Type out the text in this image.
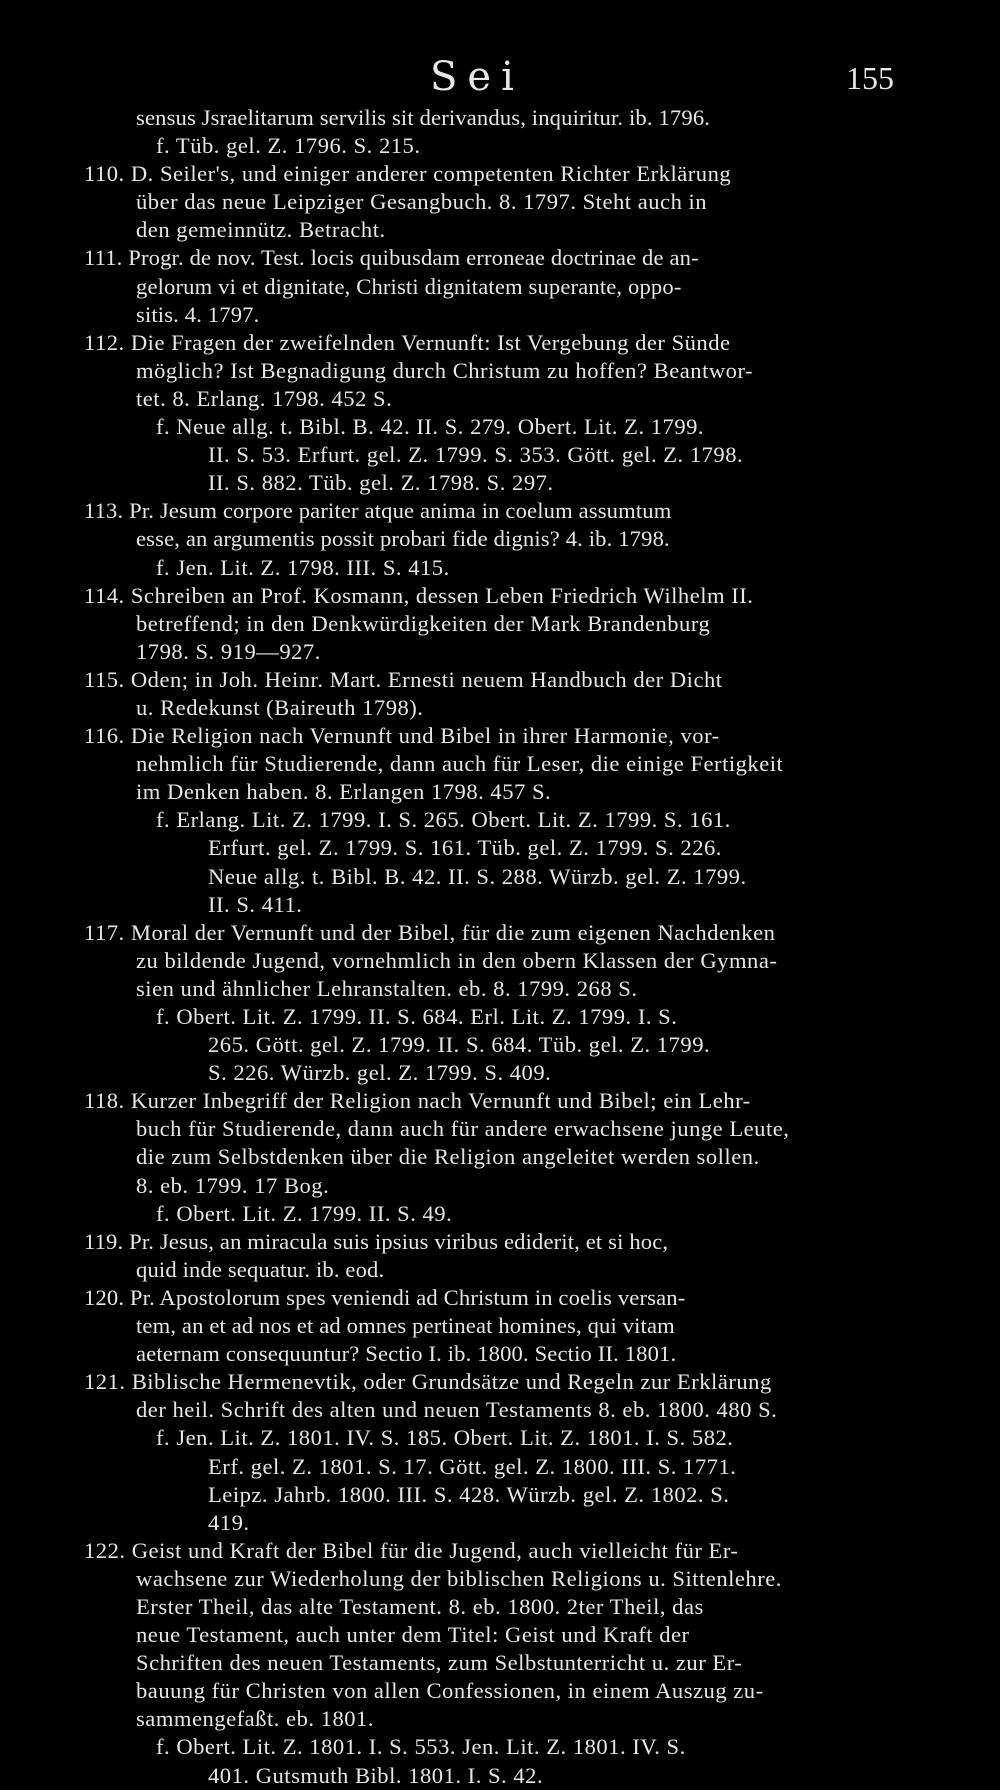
Sei	155
sensus Jsraelitarum servilis sit derivandus, inquiritur. ib. 1796.
f. Tüb. gel. Z. 1796. S. 215.
110. D. Seiler's, und einiger anderer competenten Richter Erklärung
über das neue Leipziger Gesangbuch. 8. 1797. Steht auch in
den gemeinnütz. Betracht.
111. Progr. de nov. Test. locis quibusdam erroneae doctrinae de an-
gelorum vi et dignitate, Christi dignitatem superante, oppo-
sitis. 4. 1797.
112. Die Fragen der zweifelnden Vernunft: Ist Vergebung der Sünde
möglich? Ist Begnadigung durch Christum zu hoffen? Beantwor-
tet. 8. Erlang. 1798. 452 S.
f. Neue allg. t. Bibl. B. 42. II. S. 279. Obert. Lit. Z. 1799.
II. S. 53. Erfurt. gel. Z. 1799. S. 353. Gött. gel. Z. 1798.
II. S. 882. Tüb. gel. Z. 1798. S. 297.
113. Pr. Jesum corpore pariter atque anima in coelum assumtum
esse, an argumentis possit probari fide dignis? 4. ib. 1798.
f. Jen. Lit. Z. 1798. III. S. 415.
114. Schreiben an Prof. Kosmann, dessen Leben Friedrich Wilhelm II.
betreffend; in den Denkwürdigkeiten der Mark Brandenburg
1798. S. 919—927.
115. Oden; in Joh. Heinr. Mart. Ernesti neuem Handbuch der Dicht
u. Redekunst (Baireuth 1798).
116. Die Religion nach Vernunft und Bibel in ihrer Harmonie, vor-
nehmlich für Studierende, dann auch für Leser, die einige Fertigkeit
im Denken haben. 8. Erlangen 1798. 457 S.
f. Erlang. Lit. Z. 1799. I. S. 265. Obert. Lit. Z. 1799. S. 161.
Erfurt. gel. Z. 1799. S. 161. Tüb. gel. Z. 1799. S. 226.
Neue allg. t. Bibl. B. 42. II. S. 288. Würzb. gel. Z. 1799.
II. S. 411.
117. Moral der Vernunft und der Bibel, für die zum eigenen Nachdenken
zu bildende Jugend, vornehmlich in den obern Klassen der Gymna-
sien und ähnlicher Lehranstalten. eb. 8. 1799. 268 S.
f. Obert. Lit. Z. 1799. II. S. 684. Erl. Lit. Z. 1799. I. S.
265. Gött. gel. Z. 1799. II. S. 684. Tüb. gel. Z. 1799.
S. 226. Würzb. gel. Z. 1799. S. 409.
118. Kurzer Inbegriff der Religion nach Vernunft und Bibel; ein Lehr-
buch für Studierende, dann auch für andere erwachsene junge Leute,
die zum Selbstdenken über die Religion angeleitet werden sollen.
8. eb. 1799. 17 Bog.
f. Obert. Lit. Z. 1799. II. S. 49.
119. Pr. Jesus, an miracula suis ipsius viribus ediderit, et si hoc,
quid inde sequatur. ib. eod.
120. Pr. Apostolorum spes veniendi ad Christum in coelis versan-
tem, an et ad nos et ad omnes pertineat homines, qui vitam
aeternam consequuntur? Sectio I. ib. 1800. Sectio II. 1801.
121. Biblische Hermenevtik, oder Grundsätze und Regeln zur Erklärung
der heil. Schrift des alten und neuen Testaments 8. eb. 1800. 480 S.
f. Jen. Lit. Z. 1801. IV. S. 185. Obert. Lit. Z. 1801. I. S. 582.
Erf. gel. Z. 1801. S. 17. Gött. gel. Z. 1800. III. S. 1771.
Leipz. Jahrb. 1800. III. S. 428. Würzb. gel. Z. 1802. S.
419.
122. Geist und Kraft der Bibel für die Jugend, auch vielleicht für Er-
wachsene zur Wiederholung der biblischen Religions u. Sittenlehre.
Erster Theil, das alte Testament. 8. eb. 1800. 2ter Theil, das
neue Testament, auch unter dem Titel: Geist und Kraft der
Schriften des neuen Testaments, zum Selbstunterricht u. zur Er-
bauung für Christen von allen Confessionen, in einem Auszug zu-
sammengefaßt. eb. 1801.
f. Obert. Lit. Z. 1801. I. S. 553. Jen. Lit. Z. 1801. IV. S.
401. Gutsmuth Bibl. 1801. I. S. 42.
